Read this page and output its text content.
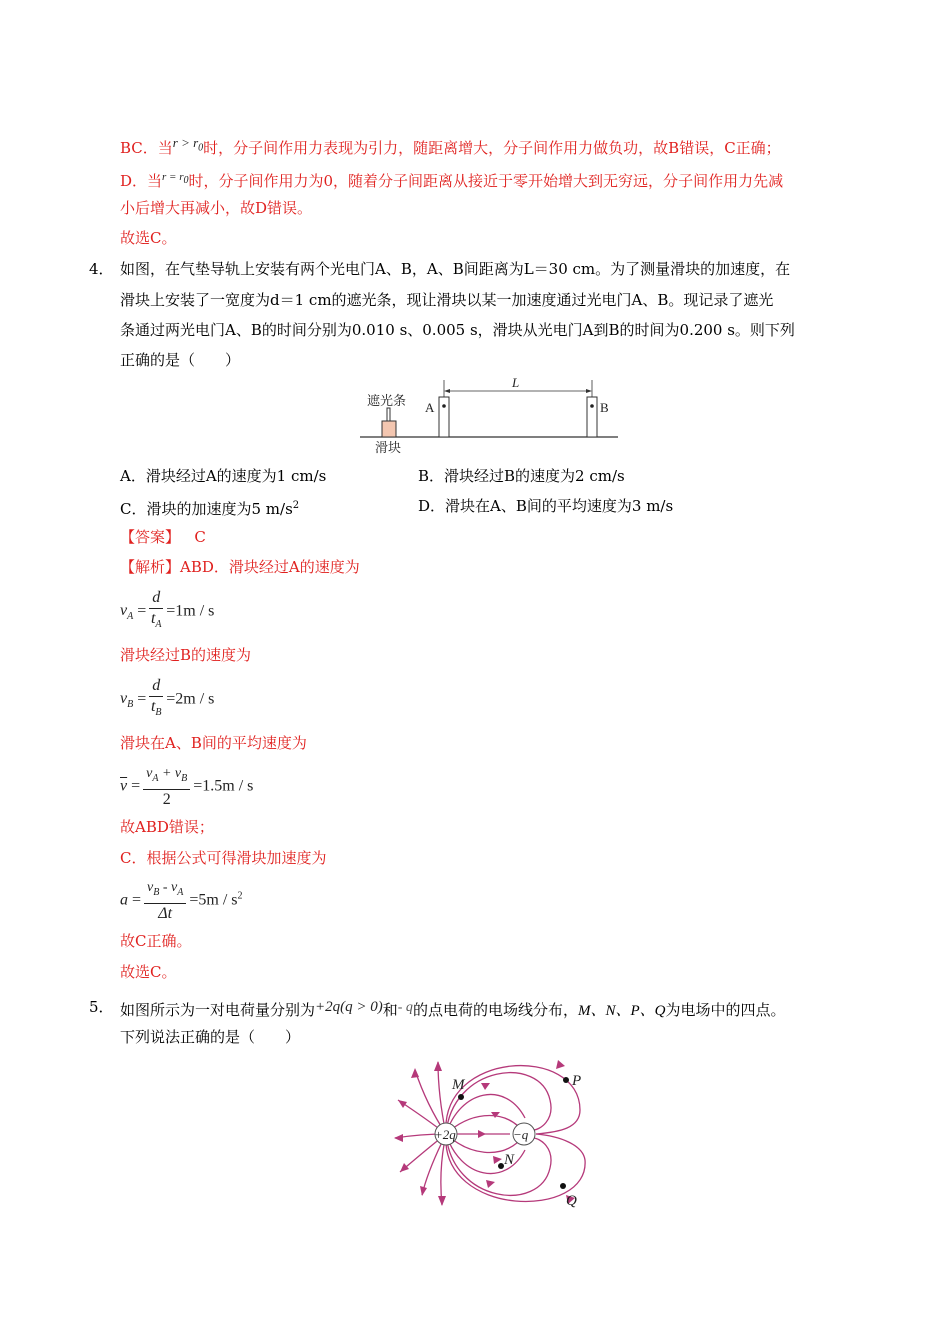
BC．当$r > r_0$时，分子间作用力表现为引力，随距离增大，分子间作用力做负功，故B错误，C正确；
D．当$^{r = r_0}$时，分子间作用力为0，随着分子间距离从接近于零开始增大到无穷远，分子间作用力先减
小后增大再减小，故D错误。
故选C。
4． 如图，在气垫导轨上安装有两个光电门A、B，A、B间距离为L＝30 cm。为了测量滑块的加速度，在
滑块上安装了一宽度为d＝1 cm的遮光条，现让滑块以某一加速度通过光电门A、B。现记录了遮光
条通过两光电门A、B的时间分别为0.010 s、0.005 s，滑块从光电门A到B的时间为0.200 s。则下列
正确的是（　　）
遮光条
滑块
A	B
L
A．滑块经过A的速度为1 cm/s	B．滑块经过B的速度为2 cm/s
C．滑块的加速度为5 $m/s^2$	D．滑块在A、B间的平均速度为3 m/s
【答案】 C
【解析】ABD．滑块经过A的速度为
$v_A = \frac{d}{t_A} =1m / s$
滑块经过B的速度为
$v_B = \frac{d}{t_B} =2m / s$
滑块在A、B间的平均速度为
$\overline{v} = \frac{v_A + v_B}{2} =1.5m / s$
故ABD错误；
C．根据公式可得滑块加速度为
$a = \frac{v_B - v_A}{\Delta t} =5m / s^2$
故C正确。
故选C。
5． 如图所示为一对电荷量分别为+2q(q > 0)和- q的点电荷的电场线分布，M、N、P、Q为电场中的四点。
下列说法正确的是（　　）
+2q	−q
M
N
P
Q
